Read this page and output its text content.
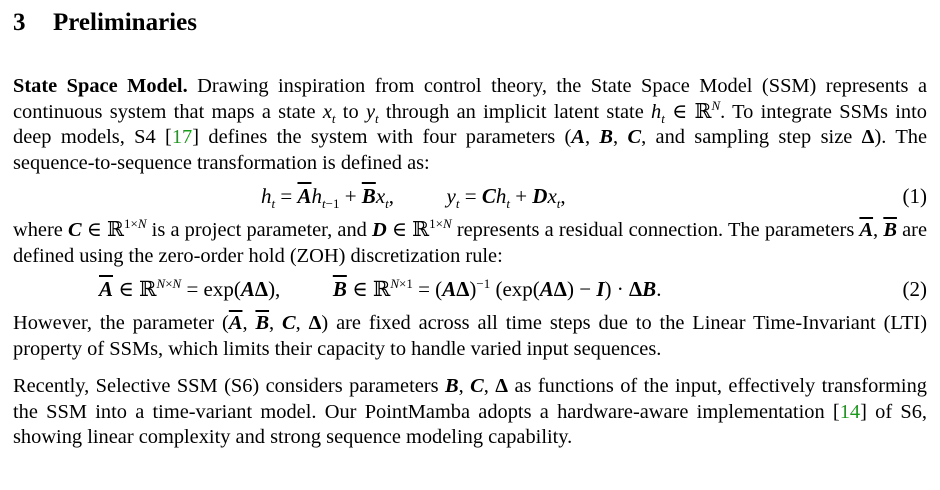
3 Preliminaries

State Space Model. Drawing inspiration from control theory, the State Space Model (SSM) represents a continuous system that maps a state $x_t$ to $y_t$ through an implicit latent state $h_t$ ∈ ℝ$^N$. To integrate SSMs into deep models, S4 [17] defines the system with four parameters (A, B, C, and sampling step size Δ). The sequence-to-sequence transformation is defined as:

$h_t = \overline{A}h_{t-1} + \overline{B}x_t$,          $y_t = Ch_t + Dx_t$,	(1)

where C ∈ ℝ$^{1\times N}$ is a project parameter, and D ∈ ℝ$^{1\times N}$ represents a residual connection. The parameters $\overline{A}$, $\overline{B}$ are defined using the zero-order hold (ZOH) discretization rule:

$\overline{A}$ ∈ ℝ$^{N\times N}$ = exp(AΔ),          $\overline{B}$ ∈ ℝ$^{N\times 1}$ = $(A\Delta)^{-1}$ (exp(AΔ) − I) · ΔB.	(2)

However, the parameter ($\overline{A}$, $\overline{B}$, C, Δ) are fixed across all time steps due to the Linear Time-Invariant (LTI) property of SSMs, which limits their capacity to handle varied input sequences.

Recently, Selective SSM (S6) considers parameters B, C, Δ as functions of the input, effectively transforming the SSM into a time-variant model. Our PointMamba adopts a hardware-aware implementation [14] of S6, showing linear complexity and strong sequence modeling capability.
